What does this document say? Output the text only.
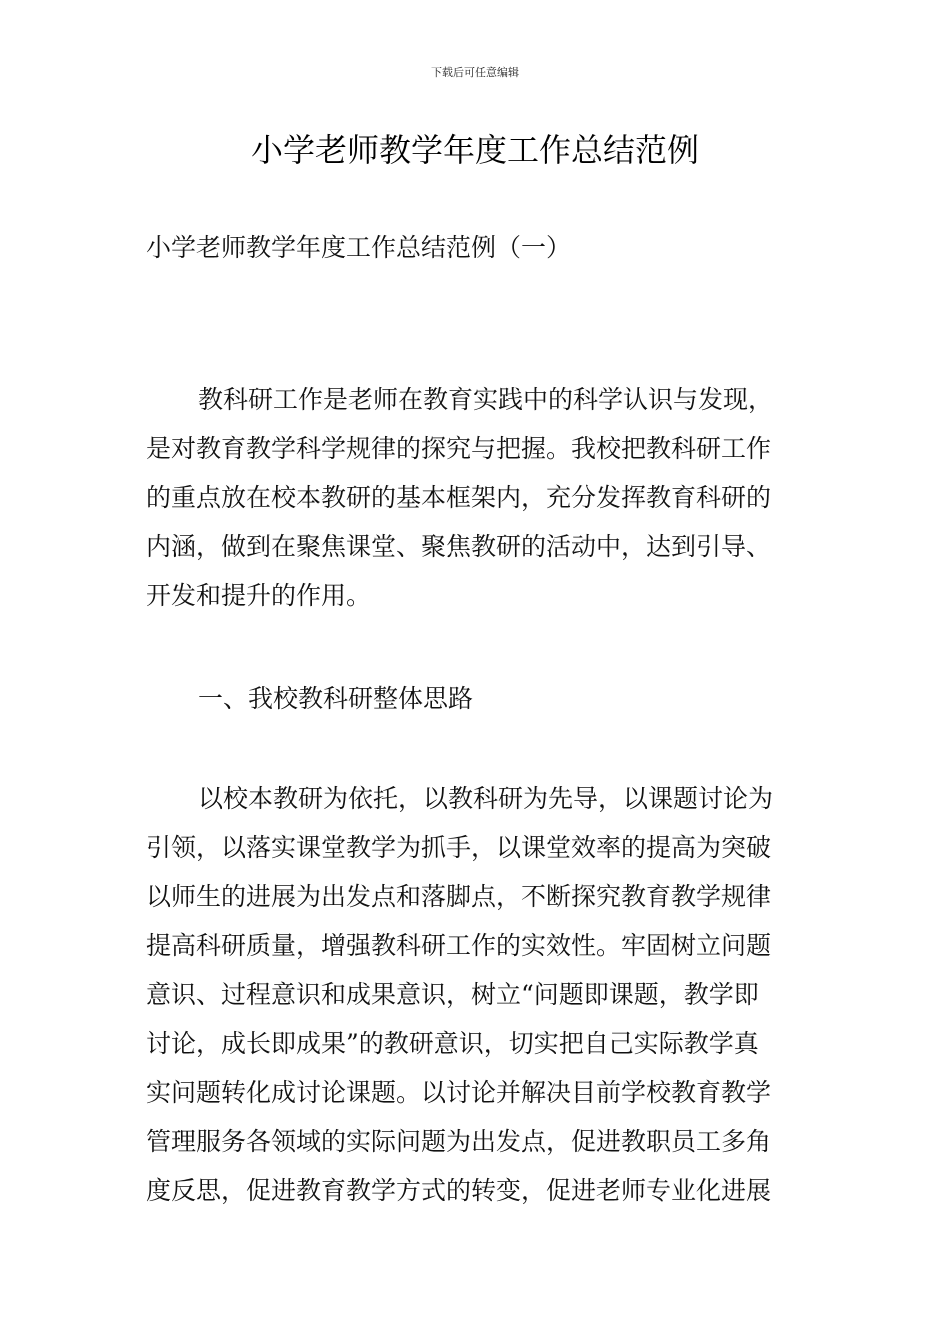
下载后可任意编辑
小学老师教学年度工作总结范例
小学老师教学年度工作总结范例（一）
教科研工作是老师在教育实践中的科学认识与发现，
是对教育教学科学规律的探究与把握。我校把教科研工作
的重点放在校本教研的基本框架内，充分发挥教育科研的
内涵，做到在聚焦课堂、聚焦教研的活动中，达到引导、
开发和提升的作用。
一、我校教科研整体思路
以校本教研为依托，以教科研为先导，以课题讨论为
引领，以落实课堂教学为抓手，以课堂效率的提高为突破
以师生的进展为出发点和落脚点，不断探究教育教学规律
提高科研质量，增强教科研工作的实效性。牢固树立问题
意识、过程意识和成果意识，树立“问题即课题，教学即
讨论，成长即成果”的教研意识，切实把自己实际教学真
实问题转化成讨论课题。以讨论并解决目前学校教育教学
管理服务各领域的实际问题为出发点，促进教职员工多角
度反思，促进教育教学方式的转变，促进老师专业化进展
